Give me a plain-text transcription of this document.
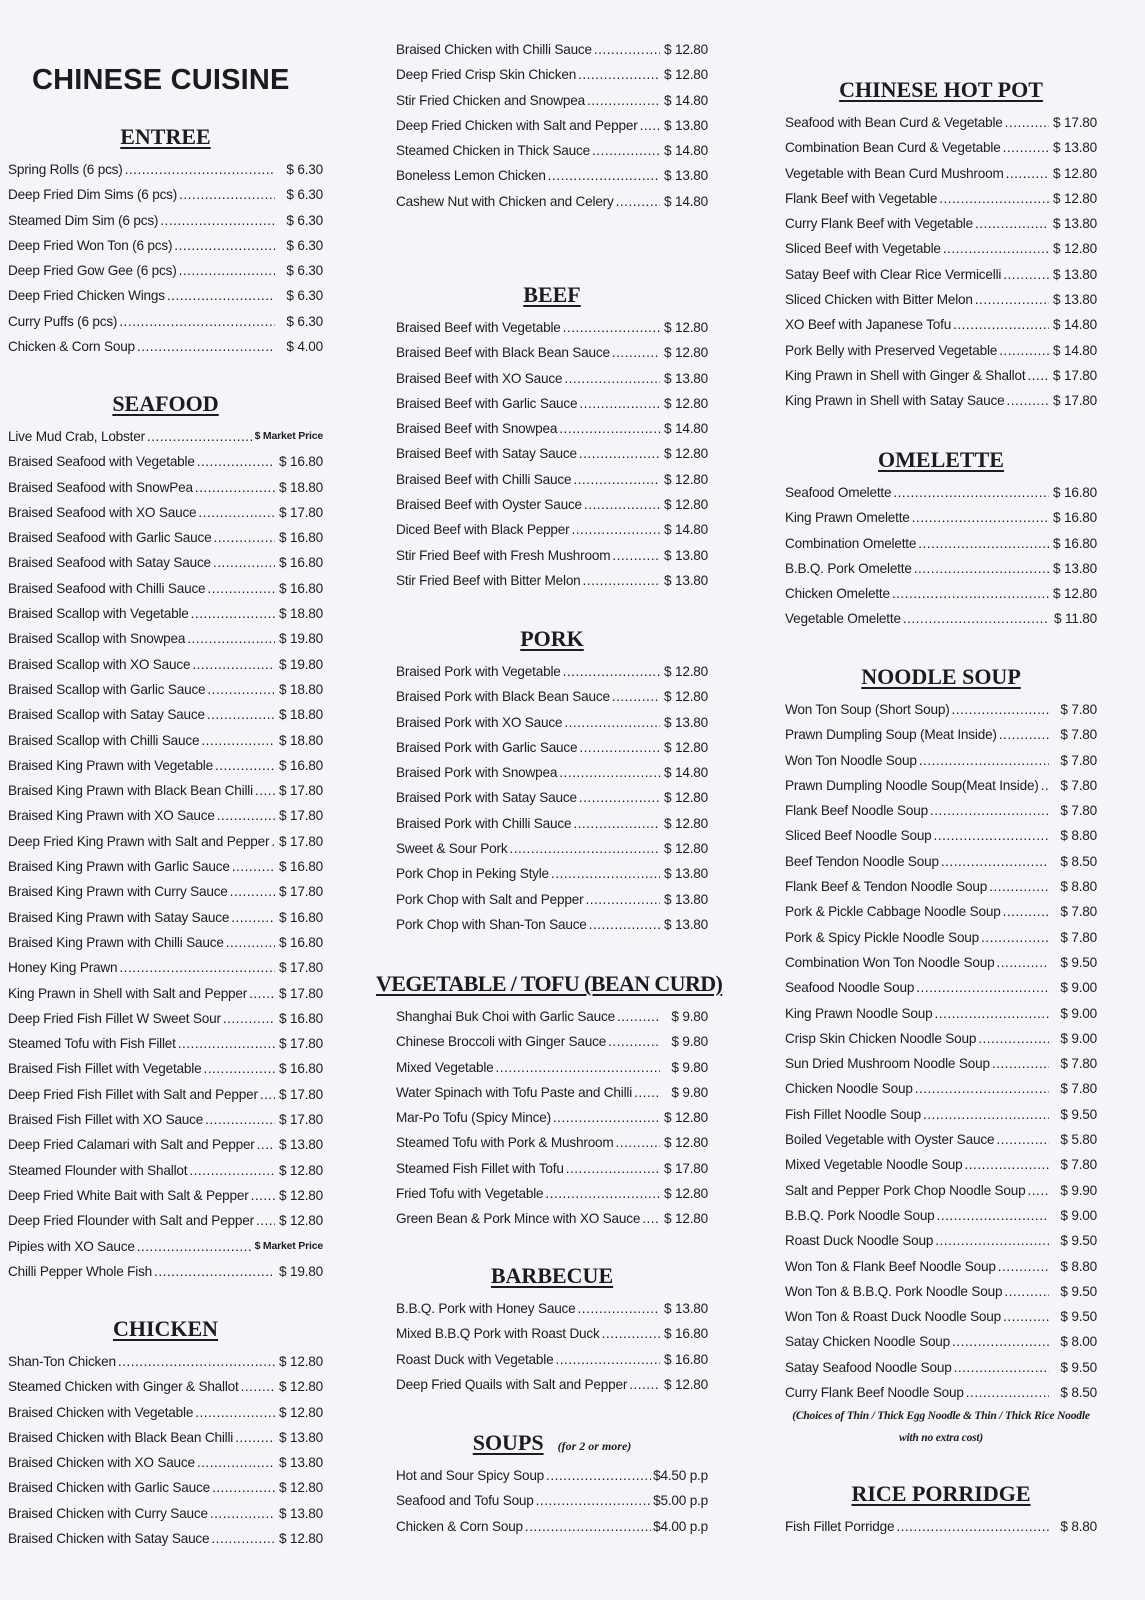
CHINESE CUISINE
ENTREE
Spring Rolls (6 pcs) .....	$ 6.30
Deep Fried Dim Sims (6 pcs) .....	$ 6.30
Steamed Dim Sim (6 pcs) .....	$ 6.30
Deep Fried Won Ton (6 pcs) .....	$ 6.30
Deep Fried Gow Gee (6 pcs) .....	$ 6.30
Deep Fried Chicken Wings .....	$ 6.30
Curry Puffs (6 pcs) .....	$ 6.30
Chicken & Corn Soup .....	$ 4.00
SEAFOOD
Live Mud Crab, Lobster .....	$ Market Price
Braised Seafood with Vegetable .....	$ 16.80
Braised Seafood with SnowPea .....	$ 18.80
Braised Seafood with XO Sauce .....	$ 17.80
Braised Seafood with Garlic Sauce .....	$ 16.80
Braised Seafood with Satay Sauce .....	$ 16.80
Braised Seafood with Chilli Sauce .....	$ 16.80
Braised Scallop with Vegetable .....	$ 18.80
Braised Scallop with Snowpea .....	$ 19.80
Braised Scallop with XO Sauce .....	$ 19.80
Braised Scallop with Garlic Sauce .....	$ 18.80
Braised Scallop with Satay Sauce .....	$ 18.80
Braised Scallop with Chilli Sauce .....	$ 18.80
Braised King Prawn with Vegetable .....	$ 16.80
Braised King Prawn with Black Bean Chilli ..... $ 17.80
Braised King Prawn with XO Sauce .....	$ 17.80
Deep Fried King Prawn with Salt and Pepper ..... $ 17.80
Braised King Prawn with Garlic Sauce .....	$ 16.80
Braised King Prawn with Curry Sauce .....	$ 17.80
Braised King Prawn with Satay Sauce .....	$ 16.80
Braised King Prawn with Chilli Sauce .....	$ 16.80
Honey King Prawn .....	$ 17.80
King Prawn in Shell with Salt and Pepper ..... $ 17.80
Deep Fried Fish Fillet W Sweet Sour .....	$ 16.80
Steamed Tofu with Fish Fillet .....	$ 17.80
Braised Fish Fillet with Vegetable .....	$ 16.80
Deep Fried Fish Fillet with Salt and Pepper ..... $ 17.80
Braised Fish Fillet with XO Sauce .....	$ 17.80
Deep Fried Calamari with Salt and Pepper ..... $ 13.80
Steamed Flounder with Shallot .....	$ 12.80
Deep Fried White Bait with Salt & Pepper ..... $ 12.80
Deep Fried Flounder with Salt and Pepper ..... $ 12.80
Pipies with XO Sauce .....	$ Market Price
Chilli Pepper Whole Fish .....	$ 19.80
CHICKEN
Shan-Ton Chicken .....	$ 12.80
Steamed Chicken with Ginger & Shallot .....	$ 12.80
Braised Chicken with Vegetable .....	$ 12.80
Braised Chicken with Black Bean Chilli .....	$ 13.80
Braised Chicken with XO Sauce .....	$ 13.80
Braised Chicken with Garlic Sauce .....	$ 12.80
Braised Chicken with Curry Sauce .....	$ 13.80
Braised Chicken with Satay Sauce .....	$ 12.80
Braised Chicken with Chilli Sauce .....	$ 12.80
Deep Fried Crisp Skin Chicken .....	$ 12.80
Stir Fried Chicken and Snowpea .....	$ 14.80
Deep Fried Chicken with Salt and Pepper ..... $ 13.80
Steamed Chicken in Thick Sauce .....	$ 14.80
Boneless Lemon Chicken .....	$ 13.80
Cashew Nut with Chicken and Celery .....	$ 14.80
BEEF
Braised Beef with Vegetable .....	$ 12.80
Braised Beef with Black Bean Sauce .....	$ 12.80
Braised Beef with XO Sauce .....	$ 13.80
Braised Beef with Garlic Sauce .....	$ 12.80
Braised Beef with Snowpea .....	$ 14.80
Braised Beef with Satay Sauce .....	$ 12.80
Braised Beef with Chilli Sauce .....	$ 12.80
Braised Beef with Oyster Sauce .....	$ 12.80
Diced Beef with Black Pepper .....	$ 14.80
Stir Fried Beef with Fresh Mushroom .....	$ 13.80
Stir Fried Beef with Bitter Melon .....	$ 13.80
PORK
Braised Pork with Vegetable .....	$ 12.80
Braised Pork with Black Bean Sauce .....	$ 12.80
Braised Pork with XO Sauce .....	$ 13.80
Braised Pork with Garlic Sauce .....	$ 12.80
Braised Pork with Snowpea .....	$ 14.80
Braised Pork with Satay Sauce .....	$ 12.80
Braised Pork with Chilli Sauce .....	$ 12.80
Sweet & Sour Pork .....	$ 12.80
Pork Chop in Peking Style .....	$ 13.80
Pork Chop with Salt and Pepper .....	$ 13.80
Pork Chop with Shan-Ton Sauce .....	$ 13.80
VEGETABLE / TOFU (BEAN CURD)
Shanghai Buk Choi with Garlic Sauce .....	$ 9.80
Chinese Broccoli with Ginger Sauce .....	$ 9.80
Mixed Vegetable .....	$ 9.80
Water Spinach with Tofu Paste and Chilli .....	$ 9.80
Mar-Po Tofu (Spicy Mince) .....	$ 12.80
Steamed Tofu with Pork & Mushroom .....	$ 12.80
Steamed Fish Fillet with Tofu .....	$ 17.80
Fried Tofu with Vegetable .....	$ 12.80
Green Bean & Pork Mince with XO Sauce ..... $ 12.80
BARBECUE
B.B.Q. Pork with Honey Sauce .....	$ 13.80
Mixed B.B.Q Pork with Roast Duck .....	$ 16.80
Roast Duck with Vegetable .....	$ 16.80
Deep Fried Quails with Salt and Pepper .....	$ 12.80
SOUPS (for 2 or more)
Hot and Sour Spicy Soup .....	$4.50 p.p
Seafood and Tofu Soup .....	$5.00 p.p
Chicken & Corn Soup .....	$4.00 p.p
CHINESE HOT POT
Seafood with Bean Curd & Vegetable .....	$ 17.80
Combination Bean Curd & Vegetable .....	$ 13.80
Vegetable with Bean Curd Mushroom .....	$ 12.80
Flank Beef with Vegetable .....	$ 12.80
Curry Flank Beef with Vegetable .....	$ 13.80
Sliced Beef with Vegetable .....	$ 12.80
Satay Beef with Clear Rice Vermicelli .....	$ 13.80
Sliced Chicken with Bitter Melon .....	$ 13.80
XO Beef with Japanese Tofu .....	$ 14.80
Pork Belly with Preserved Vegetable .....	$ 14.80
King Prawn in Shell with Ginger & Shallot ..... $ 17.80
King Prawn in Shell with Satay Sauce .....	$ 17.80
OMELETTE
Seafood Omelette .....	$ 16.80
King Prawn Omelette .....	$ 16.80
Combination Omelette .....	$ 16.80
B.B.Q. Pork Omelette .....	$ 13.80
Chicken Omelette .....	$ 12.80
Vegetable Omelette .....	$ 11.80
NOODLE SOUP
Won Ton Soup (Short Soup) .....	$ 7.80
Prawn Dumpling Soup (Meat Inside) .....	$ 7.80
Won Ton Noodle Soup .....	$ 7.80
Prawn Dumpling Noodle Soup(Meat Inside) .....	$ 7.80
Flank Beef Noodle Soup .....	$ 7.80
Sliced Beef Noodle Soup .....	$ 8.80
Beef Tendon Noodle Soup .....	$ 8.50
Flank Beef & Tendon Noodle Soup .....	$ 8.80
Pork & Pickle Cabbage Noodle Soup .....	$ 7.80
Pork & Spicy Pickle Noodle Soup .....	$ 7.80
Combination Won Ton Noodle Soup .....	$ 9.50
Seafood Noodle Soup .....	$ 9.00
King Prawn Noodle Soup .....	$ 9.00
Crisp Skin Chicken Noodle Soup .....	$ 9.00
Sun Dried Mushroom Noodle Soup .....	$ 7.80
Chicken Noodle Soup .....	$ 7.80
Fish Fillet Noodle Soup .....	$ 9.50
Boiled Vegetable with Oyster Sauce .....	$ 5.80
Mixed Vegetable Noodle Soup .....	$ 7.80
Salt and Pepper Pork Chop Noodle Soup .....	$ 9.90
B.B.Q. Pork Noodle Soup .....	$ 9.00
Roast Duck Noodle Soup .....	$ 9.50
Won Ton & Flank Beef Noodle Soup .....	$ 8.80
Won Ton & B.B.Q. Pork Noodle Soup .....	$ 9.50
Won Ton & Roast Duck Noodle Soup .....	$ 9.50
Satay Chicken Noodle Soup .....	$ 8.00
Satay Seafood Noodle Soup .....	$ 9.50
Curry Flank Beef Noodle Soup .....	$ 8.50
(Choices of Thin / Thick Egg Noodle & Thin / Thick Rice Noodle
with no extra cost)
RICE PORRIDGE
Fish Fillet Porridge .....	$ 8.80
